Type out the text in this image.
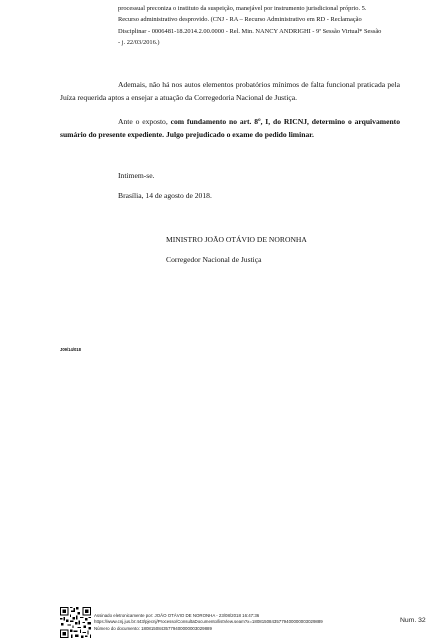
processual preconiza o instituto da suspeição, manejável por instrumento jurisdicional próprio. 5.
Recurso administrativo desprovido. (CNJ - RA – Recurso Administrativo em RD - Reclamação
Disciplinar - 0006481-18.2014.2.00.0000 - Rel. Min. NANCY ANDRIGHI - 9ª Sessão Virtual* Sessão
- j. 22/03/2016.)
Ademais, não há nos autos elementos probatórios mínimos de falta funcional praticada pela Juíza requerida aptos a ensejar a atuação da Corregedoria Nacional de Justiça.
Ante o exposto, com fundamento no art. 8º, I, do RICNJ, determino o arquivamento sumário do presente expediente. Julgo prejudicado o exame do pedido liminar.
Intimem-se.
Brasília, 14 de agosto de 2018.
MINISTRO JOÃO OTÁVIO DE NORONHA
Corregedor Nacional de Justiça
J09/14/018
Assinado eletronicamente por: JOÃO OTÁVIO DE NORONHA - 23/08/2018 16:47:36
https://www.cnj.jus.br:443/pjecnj/Processo/ConsultaDocumento/listView.seam?x=18081508435779400000003029889
Número do documento: 18081508435779400000003029889
Num. 32
